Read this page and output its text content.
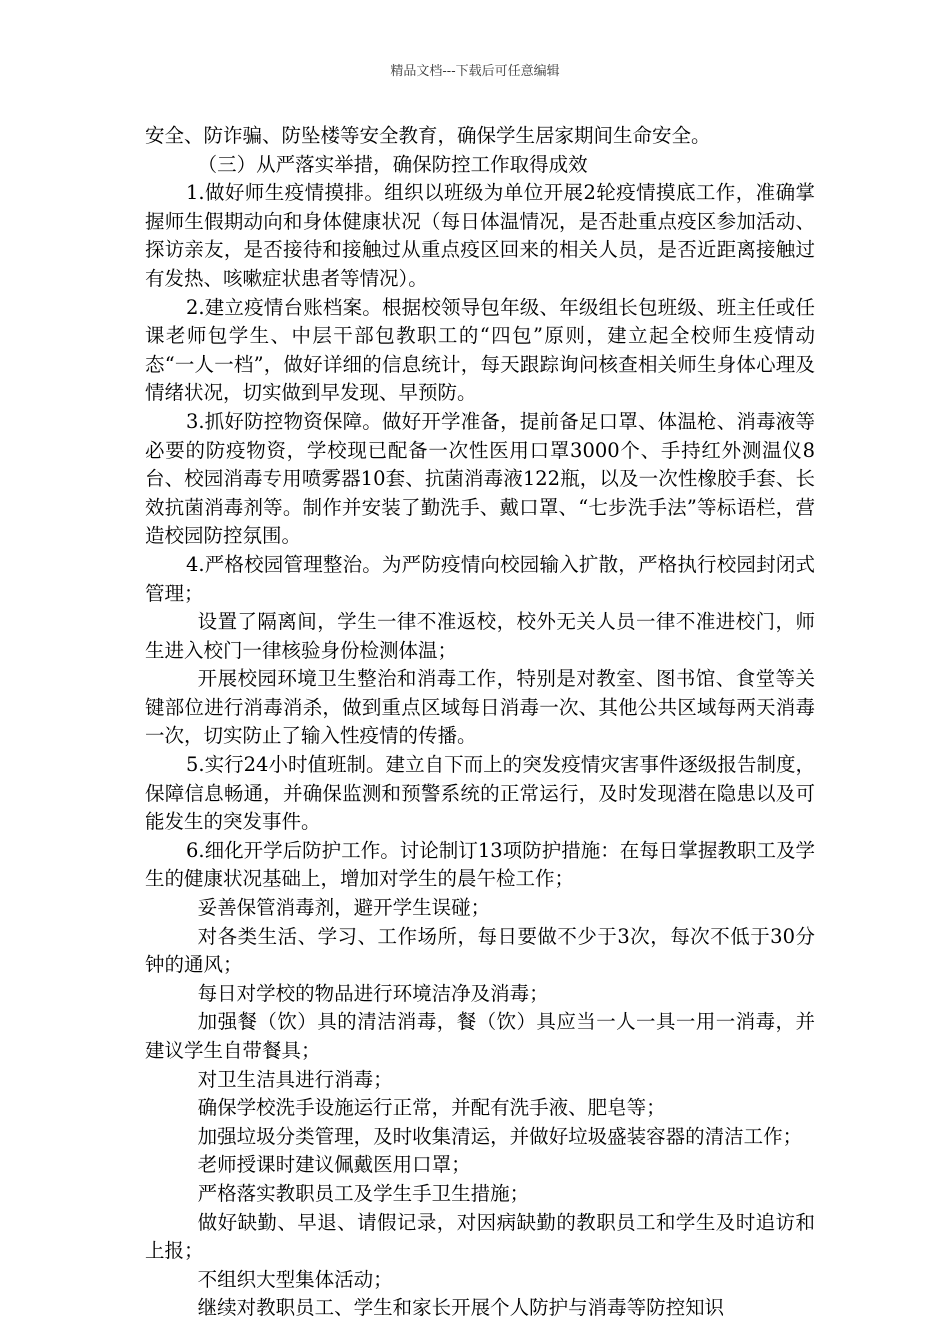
精品文档---下载后可任意编辑

安全、防诈骗、防坠楼等安全教育，确保学生居家期间生命安全。

（三）从严落实举措，确保防控工作取得成效

1.做好师生疫情摸排。组织以班级为单位开展2轮疫情摸底工作，准确掌握师生假期动向和身体健康状况（每日体温情况，是否赴重点疫区参加活动、探访亲友，是否接待和接触过从重点疫区回来的相关人员，是否近距离接触过有发热、咳嗽症状患者等情况）。

2.建立疫情台账档案。根据校领导包年级、年级组长包班级、班主任或任课老师包学生、中层干部包教职工的“四包”原则，建立起全校师生疫情动态“一人一档”，做好详细的信息统计，每天跟踪询问核查相关师生身体心理及情绪状况，切实做到早发现、早预防。

3.抓好防控物资保障。做好开学准备，提前备足口罩、体温枪、消毒液等必要的防疫物资，学校现已配备一次性医用口罩3000个、手持红外测温仪8台、校园消毒专用喷雾器10套、抗菌消毒液122瓶，以及一次性橡胶手套、长效抗菌消毒剂等。制作并安装了勤洗手、戴口罩、“七步洗手法”等标语栏，营造校园防控氛围。

4.严格校园管理整治。为严防疫情向校园输入扩散，严格执行校园封闭式管理；

设置了隔离间，学生一律不准返校，校外无关人员一律不准进校门，师生进入校门一律核验身份检测体温；

开展校园环境卫生整治和消毒工作，特别是对教室、图书馆、食堂等关键部位进行消毒消杀，做到重点区域每日消毒一次、其他公共区域每两天消毒一次，切实防止了输入性疫情的传播。

5.实行24小时值班制。建立自下而上的突发疫情灾害事件逐级报告制度，保障信息畅通，并确保监测和预警系统的正常运行，及时发现潜在隐患以及可能发生的突发事件。

6.细化开学后防护工作。讨论制订13项防护措施：在每日掌握教职工及学生的健康状况基础上，增加对学生的晨午检工作；

妥善保管消毒剂，避开学生误碰；

对各类生活、学习、工作场所，每日要做不少于3次，每次不低于30分钟的通风；

每日对学校的物品进行环境洁净及消毒；

加强餐（饮）具的清洁消毒，餐（饮）具应当一人一具一用一消毒，并建议学生自带餐具；

对卫生洁具进行消毒；

确保学校洗手设施运行正常，并配有洗手液、肥皂等；

加强垃圾分类管理，及时收集清运，并做好垃圾盛装容器的清洁工作；

老师授课时建议佩戴医用口罩；

严格落实教职员工及学生手卫生措施；

做好缺勤、早退、请假记录，对因病缺勤的教职员工和学生及时追访和上报；

不组织大型集体活动；

继续对教职员工、学生和家长开展个人防护与消毒等防控知识
